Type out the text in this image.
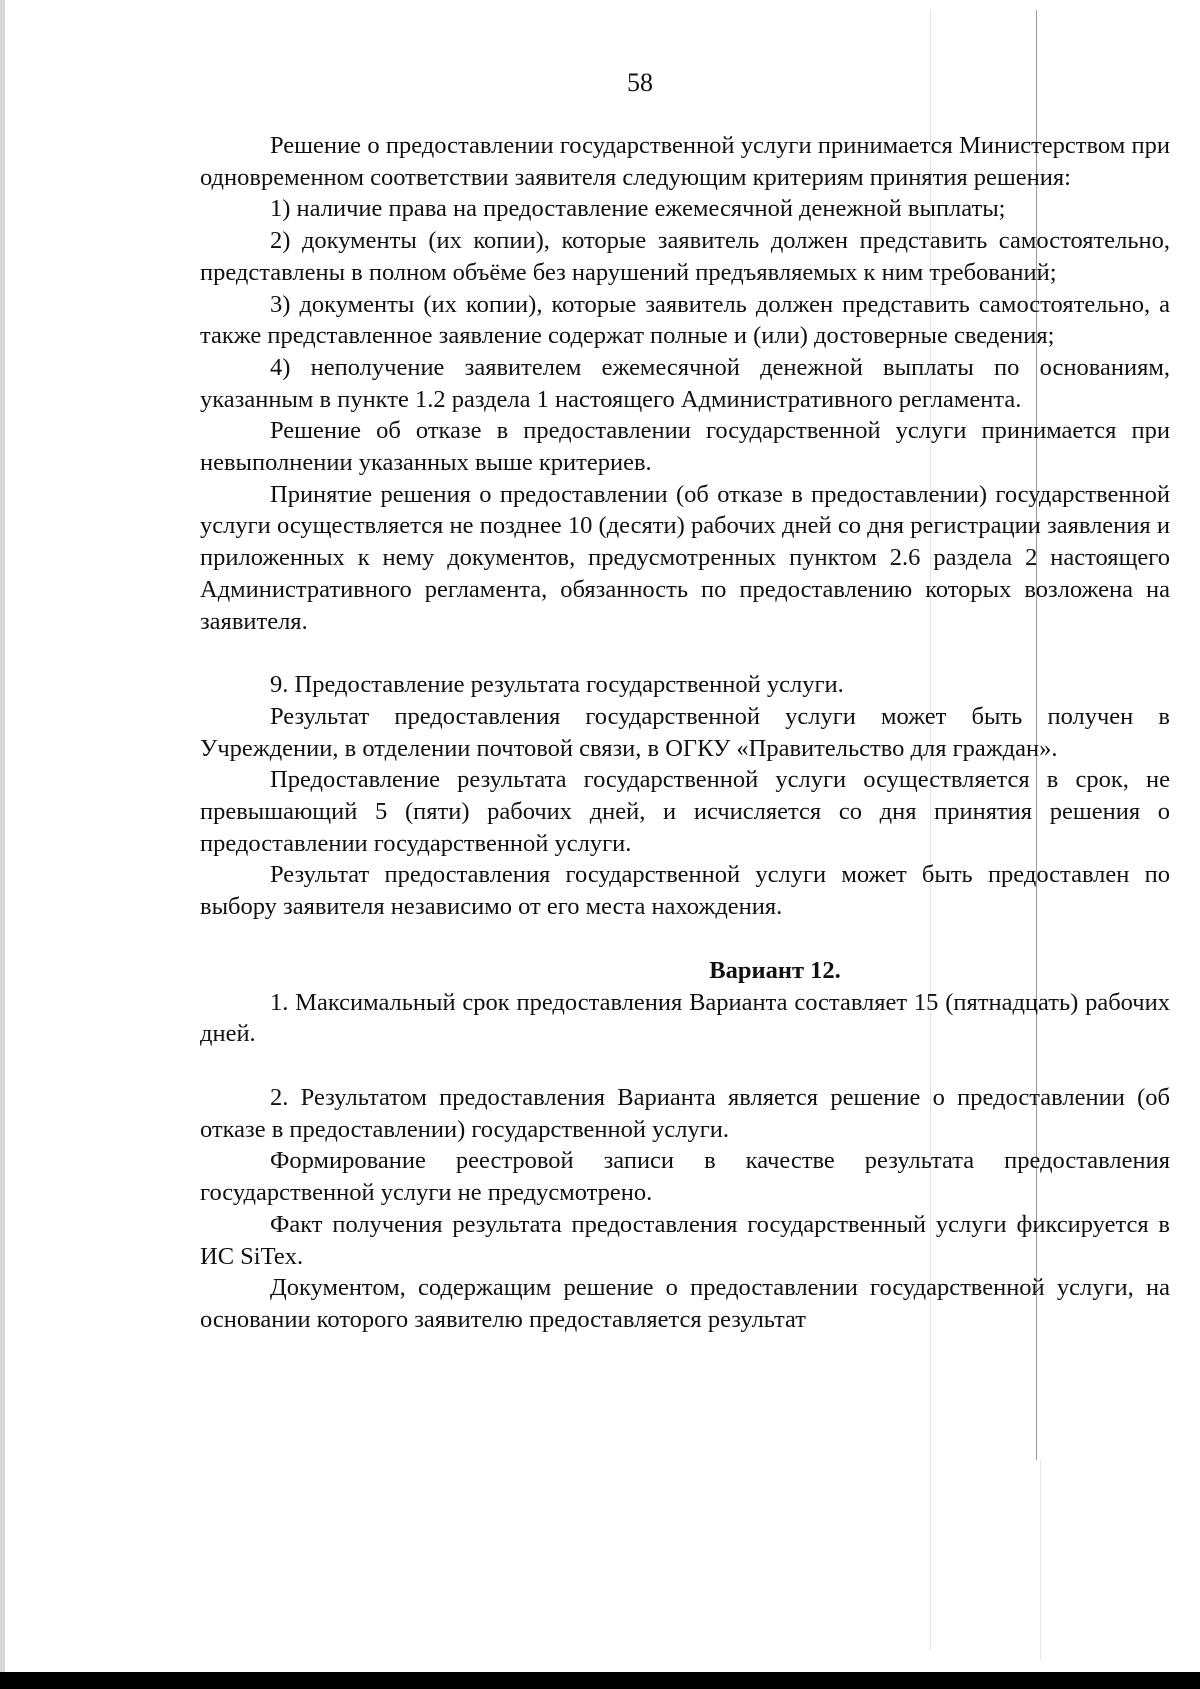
58

Решение о предоставлении государственной услуги принимается Министерством при одновременном соответствии заявителя следующим критериям принятия решения:

1) наличие права на предоставление ежемесячной денежной выплаты;

2) документы (их копии), которые заявитель должен представить самостоятельно, представлены в полном объёме без нарушений предъявляемых к ним требований;

3) документы (их копии), которые заявитель должен представить самостоятельно, а также представленное заявление содержат полные и (или) достоверные сведения;

4) неполучение заявителем ежемесячной денежной выплаты по основаниям, указанным в пункте 1.2 раздела 1 настоящего Административного регламента.

Решение об отказе в предоставлении государственной услуги принимается при невыполнении указанных выше критериев.

Принятие решения о предоставлении (об отказе в предоставлении) государственной услуги осуществляется не позднее 10 (десяти) рабочих дней со дня регистрации заявления и приложенных к нему документов, предусмотренных пунктом 2.6 раздела 2 настоящего Административного регламента, обязанность по предоставлению которых возложена на заявителя.

9. Предоставление результата государственной услуги.

Результат предоставления государственной услуги может быть получен в Учреждении, в отделении почтовой связи, в ОГКУ «Правительство для граждан».

Предоставление результата государственной услуги осуществляется в срок, не превышающий 5 (пяти) рабочих дней, и исчисляется со дня принятия решения о предоставлении государственной услуги.

Результат предоставления государственной услуги может быть предоставлен по выбору заявителя независимо от его места нахождения.

Вариант 12.

1. Максимальный срок предоставления Варианта составляет 15 (пятнадцать) рабочих дней.

2. Результатом предоставления Варианта является решение о предоставлении (об отказе в предоставлении) государственной услуги.

Формирование реестровой записи в качестве результата предоставления государственной услуги не предусмотрено.

Факт получения результата предоставления государственный услуги фиксируется в ИС SiTex.

Документом, содержащим решение о предоставлении государственной услуги, на основании которого заявителю предоставляется результат
